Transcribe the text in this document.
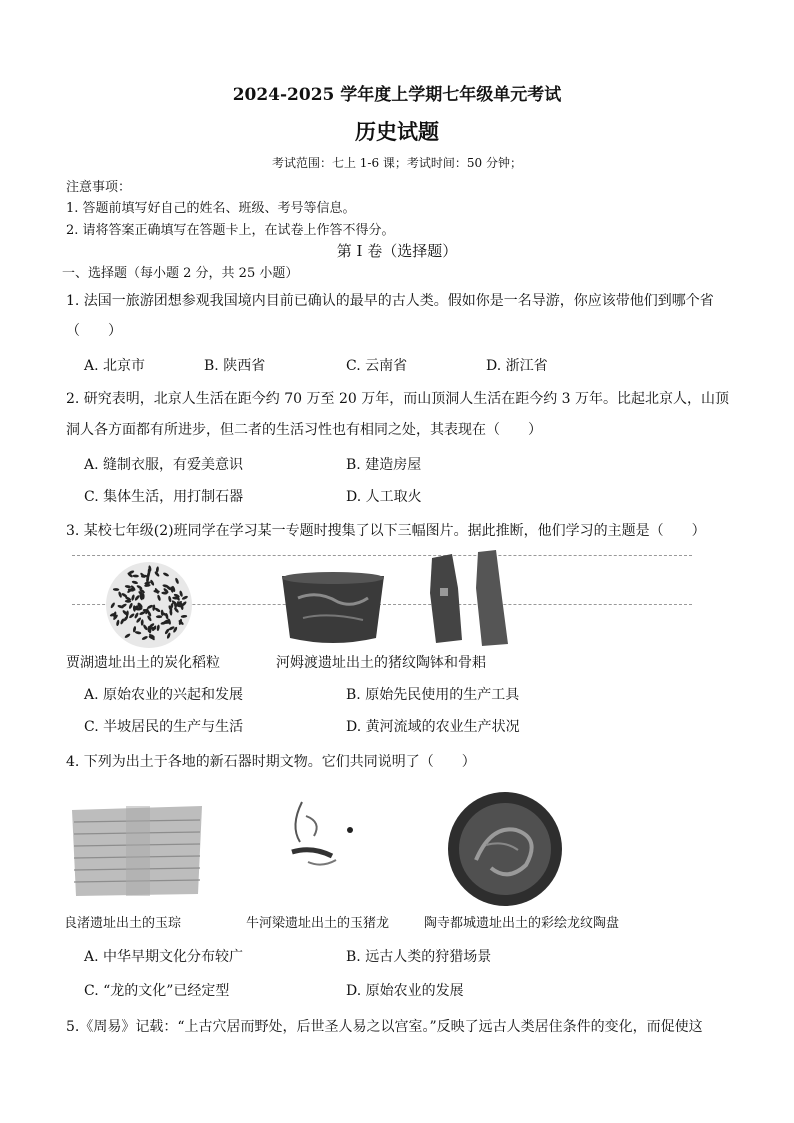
2024-2025 学年度上学期七年级单元考试
历史试题
考试范围：七上 1-6 课；考试时间：50 分钟；
注意事项：
1. 答题前填写好自己的姓名、班级、考号等信息。
2. 请将答案正确填写在答题卡上，在试卷上作答不得分。
第 I 卷（选择题）
一、选择题（每小题 2 分，共 25 小题）
1. 法国一旅游团想参观我国境内目前已确认的最早的古人类。假如你是一名导游，你应该带他们到哪个省
（　　）
A. 北京市	B. 陕西省	C. 云南省	D. 浙江省
2. 研究表明，北京人生活在距今约 70 万至 20 万年，而山顶洞人生活在距今约 3 万年。比起北京人，山顶
洞人各方面都有所进步，但二者的生活习性也有相同之处，其表现在（　　）
A. 缝制衣服，有爱美意识	B. 建造房屋
C. 集体生活，用打制石器	D. 人工取火
3. 某校七年级(2)班同学在学习某一专题时搜集了以下三幅图片。据此推断，他们学习的主题是（　　）
贾湖遗址出土的炭化稻粒	河姆渡遗址出土的猪纹陶钵和骨耜
A. 原始农业的兴起和发展	B. 原始先民使用的生产工具
C. 半坡居民的生产与生活	D. 黄河流域的农业生产状况
4. 下列为出土于各地的新石器时期文物。它们共同说明了（　　）
良渚遗址出土的玉琮	牛河梁遗址出土的玉猪龙	陶寺都城遗址出土的彩绘龙纹陶盘
A. 中华早期文化分布较广	B. 远古人类的狩猎场景
C. “龙的文化”已经定型	D. 原始农业的发展
5.《周易》记载：“上古穴居而野处，后世圣人易之以宫室。”反映了远古人类居住条件的变化，而促使这
